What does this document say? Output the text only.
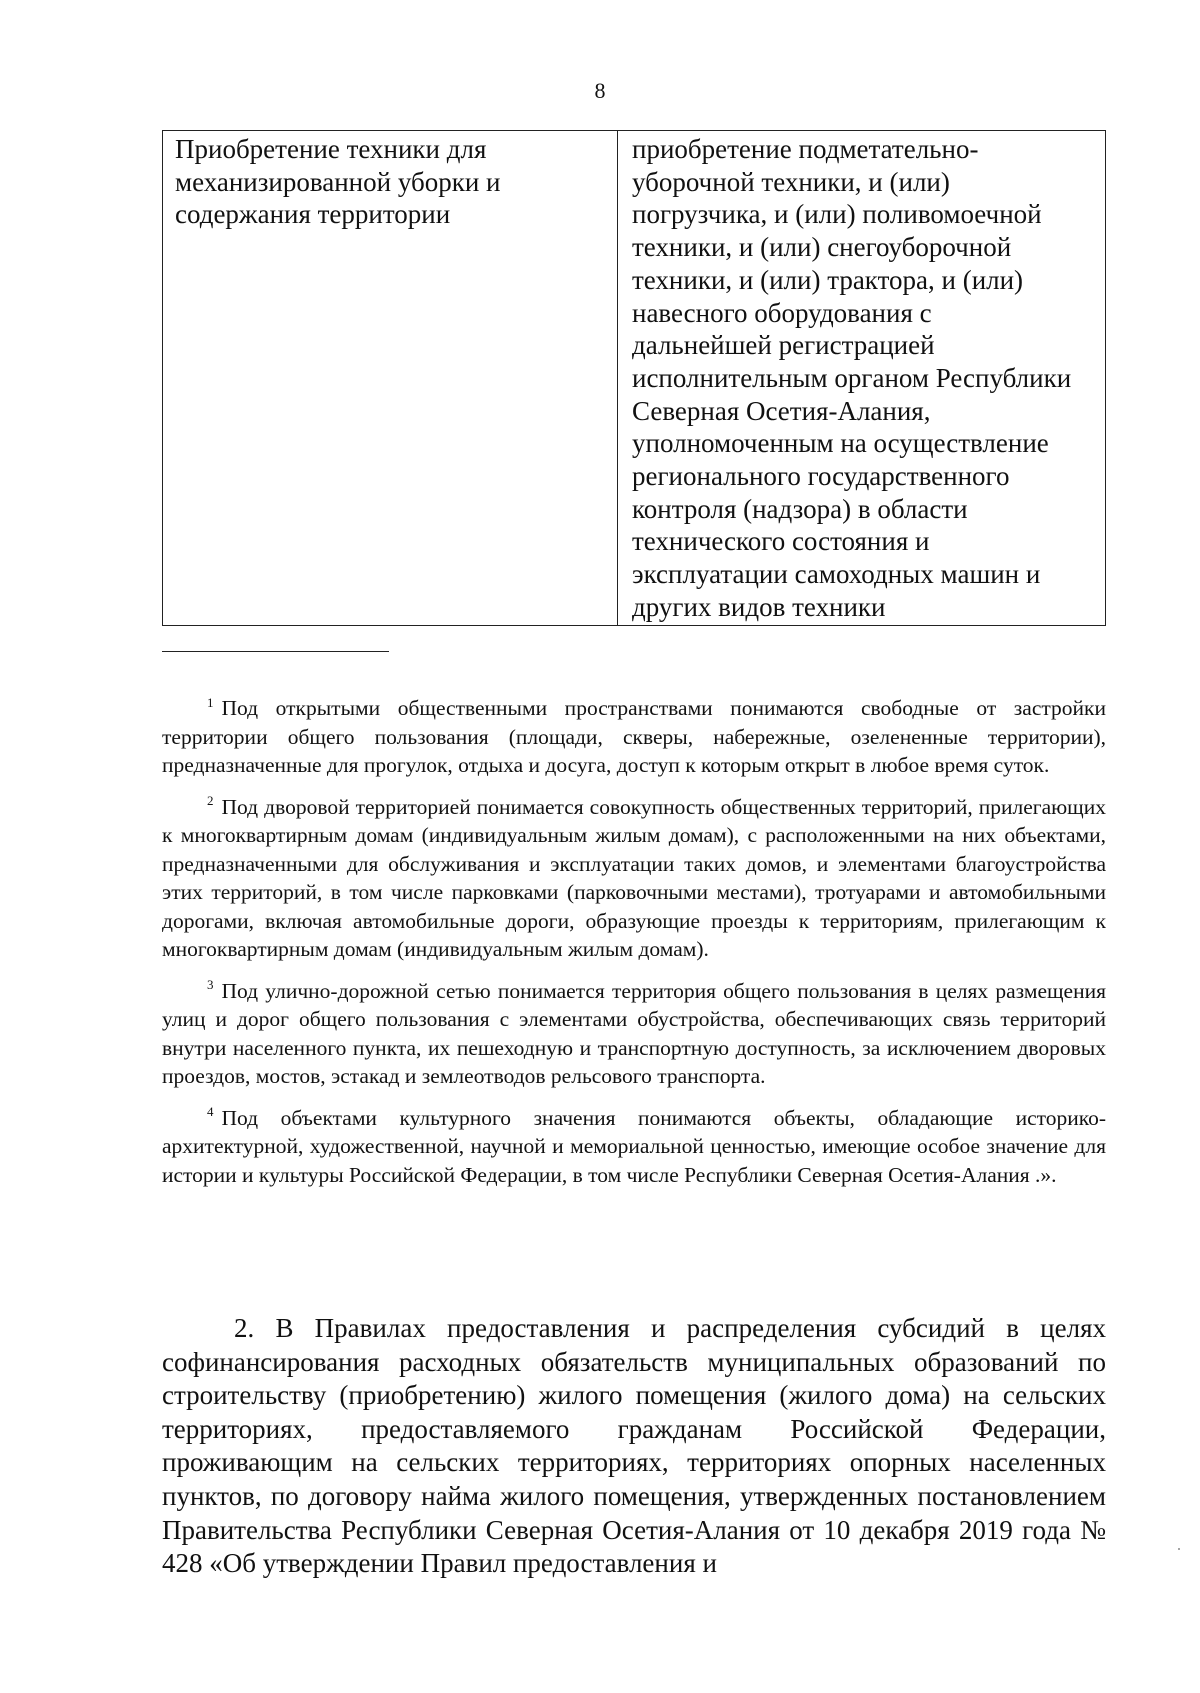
8
Приобретение техники для механизированной уборки и содержания территории
приобретение подметательно-
уборочной техники, и (или)
погрузчика, и (или) поливомоечной
техники, и (или) снегоуборочной
техники, и (или) трактора, и (или)
навесного оборудования с
дальнейшей регистрацией
исполнительным органом Республики
Северная Осетия-Алания,
уполномоченным на осуществление
регионального государственного
контроля (надзора) в области
технического состояния и
эксплуатации самоходных машин и
других видов техники

$^1$ Под открытыми общественными пространствами понимаются свободные от застройки территории общего пользования (площади, скверы, набережные, озелененные территории), предназначенные для прогулок, отдыха и досуга, доступ к которым открыт в любое время суток.

$^2$ Под дворовой территорией понимается совокупность общественных территорий, прилегающих к многоквартирным домам (индивидуальным жилым домам), с расположенными на них объектами, предназначенными для обслуживания и эксплуатации таких домов, и элементами благоустройства этих территорий, в том числе парковками (парковочными местами), тротуарами и автомобильными дорогами, включая автомобильные дороги, образующие проезды к территориям, прилегающим к многоквартирным домам (индивидуальным жилым домам).

$^3$ Под улично-дорожной сетью понимается территория общего пользования в целях размещения улиц и дорог общего пользования с элементами обустройства, обеспечивающих связь территорий внутри населенного пункта, их пешеходную и транспортную доступность, за исключением дворовых проездов, мостов, эстакад и землеотводов рельсового транспорта.

$^4$ Под объектами культурного значения понимаются объекты, обладающие историко-архитектурной, художественной, научной и мемориальной ценностью, имеющие особое значение для истории и культуры Российской Федерации, в том числе Республики Северная Осетия-Алания .».

2. В Правилах предоставления и распределения субсидий в целях софинансирования расходных обязательств муниципальных образований по строительству (приобретению) жилого помещения (жилого дома) на сельских территориях, предоставляемого гражданам Российской Федерации, проживающим на сельских территориях, территориях опорных населенных пунктов, по договору найма жилого помещения, утвержденных постановлением Правительства Республики Северная Осетия-Алания от 10 декабря 2019 года № 428 «Об утверждении Правил предоставления и
